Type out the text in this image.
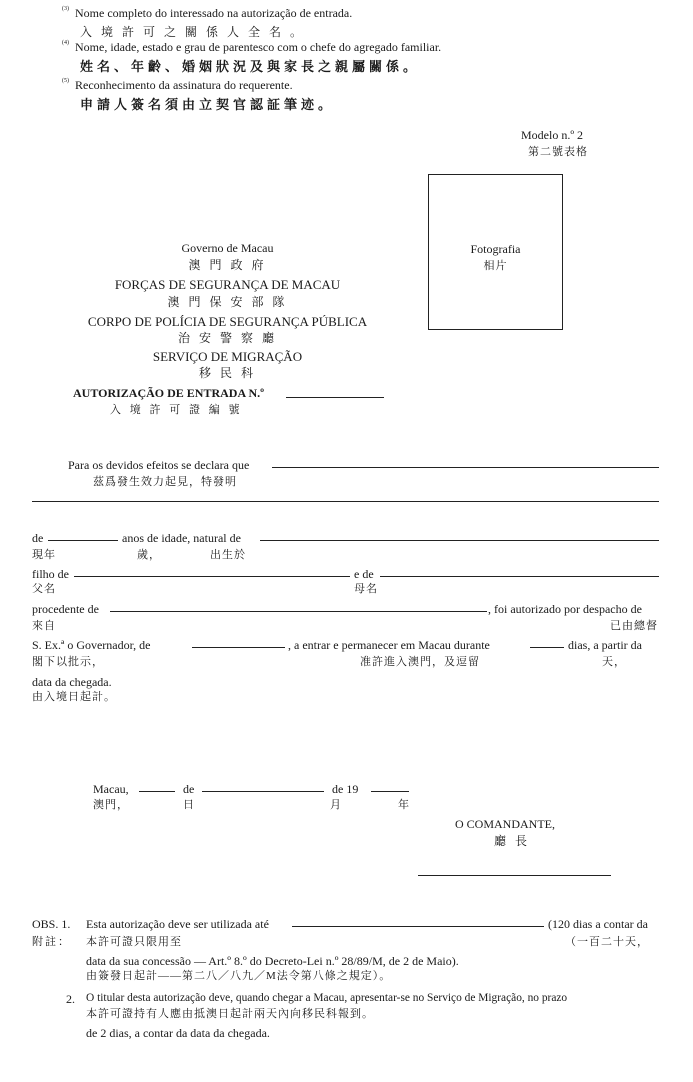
$^{(3)}$ Nome completo do interessado na autorização de entrada.
入 境 許 可 之 關 係 人 全 名 。
$^{(4)}$ Nome, idade, estado e grau de parentesco com o chefe do agregado familiar.
姓名、年齡、婚姻狀況及與家長之親屬關係。
$^{(5)}$ Reconhecimento da assinatura do requerente.
申請人簽名須由立契官認証筆迹。
Modelo n.º 2
第二號表格
Fotografia
相片
Governo de Macau
澳 門 政 府
FORÇAS DE SEGURANÇA DE MACAU
澳 門 保 安 部 隊
CORPO DE POLÍCIA DE SEGURANÇA PÚBLICA
治 安 警 察 廳
SERVIÇO DE MIGRAÇÃO
移 民 科
AUTORIZAÇÃO DE ENTRADA N.º
入 境 許 可 證 編 號
Para os devidos efeitos se declara que
茲爲發生效力起見，特發明
de	anos de idade, natural de
現年	歲，	出生於
filho de	e de
父名	母名
procedente de	, foi autorizado por despacho de
來自	已由總督
S. Ex.ª o Governador, de	, a entrar e permanecer em Macau durante	dias, a partir da
閣下以批示，	准許進入澳門，及逗留	天，
data da chegada.
由入境日起計。
Macau,	de	de 19
澳門，	日	月	年
O COMANDANTE,
廳 長
OBS. 1.
附註：
Esta autorização deve ser utilizada até	(120 dias a contar da
本許可證只限用至	（一百二十天，
data da sua concessão — Art.º 8.º do Decreto-Lei n.º 28/89/M, de 2 de Maio).
由簽發日起計——第二八／八九／M法令第八條之規定）。
2. O titular desta autorização deve, quando chegar a Macau, apresentar-se no Serviço de Migração, no prazo
本許可證持有人應由抵澳日起計兩天內向移民科報到。
de 2 dias, a contar da data da chegada.
